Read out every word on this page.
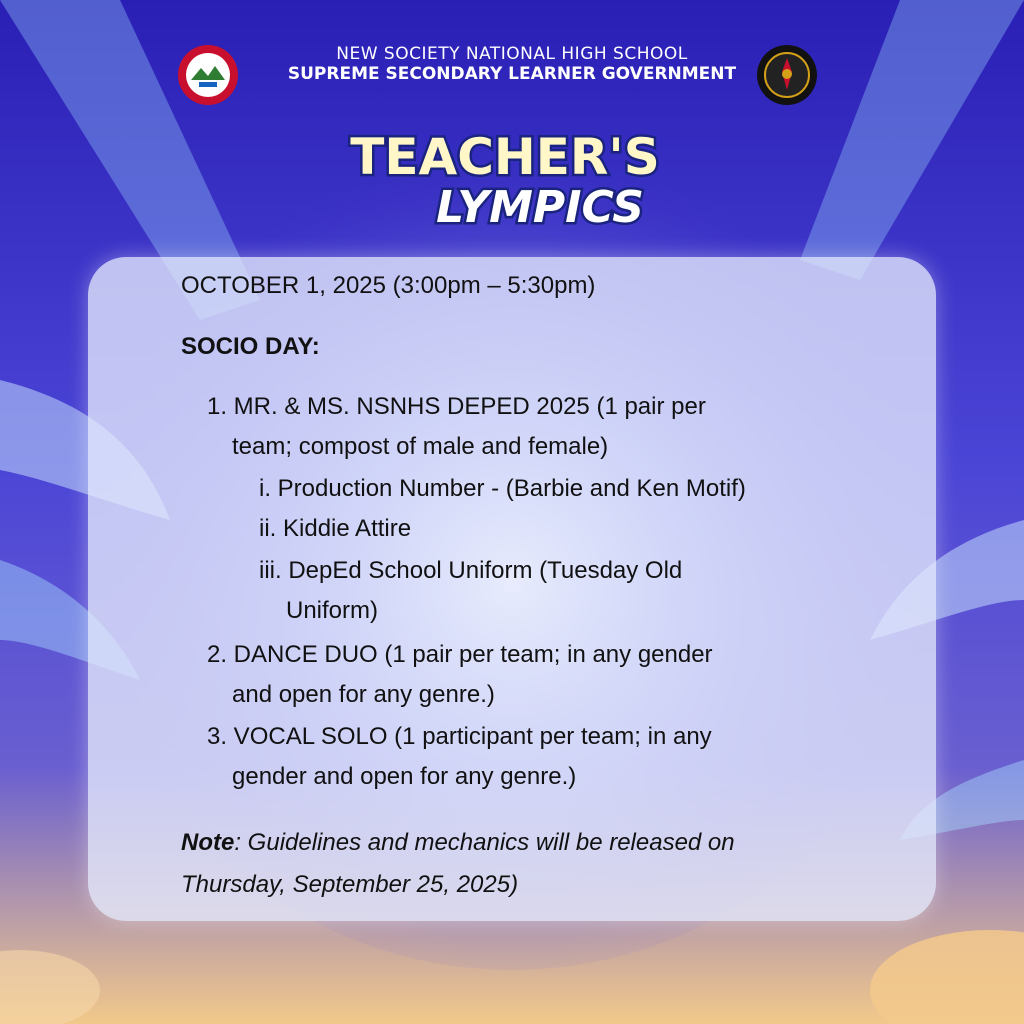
NEW SOCIETY NATIONAL HIGH SCHOOL
SUPREME SECONDARY LEARNER GOVERNMENT
TEACHER'S
LYMPICS
OCTOBER 1, 2025 (3:00pm – 5:30pm)
SOCIO DAY:
1. MR. & MS. NSNHS DEPED 2025 (1 pair per
team; compost of male and female)
i. Production Number - (Barbie and Ken Motif)
ii. Kiddie Attire
iii. DepEd School Uniform (Tuesday Old
Uniform)
2. DANCE DUO (1 pair per team; in any gender
and open for any genre.)
3. VOCAL SOLO (1 participant per team; in any
gender and open for any genre.)
Note: Guidelines and mechanics will be released on
Thursday, September 25, 2025)
